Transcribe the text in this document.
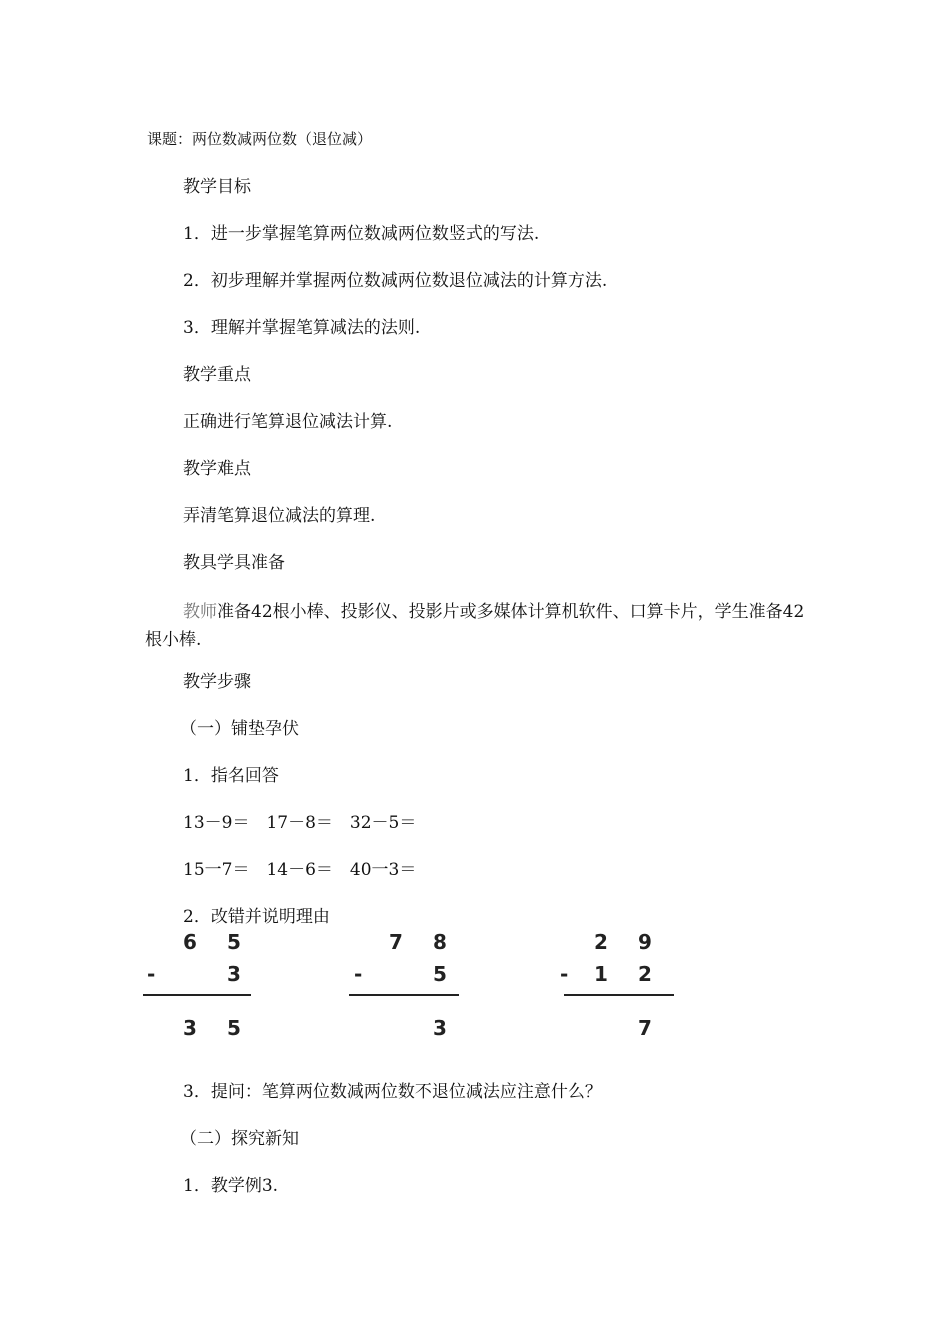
课题：两位数减两位数（退位减）

教学目标

1．进一步掌握笔算两位数减两位数竖式的写法.

2．初步理解并掌握两位数减两位数退位减法的计算方法.

3．理解并掌握笔算减法的法则.

教学重点

正确进行笔算退位减法计算.

教学难点

弄清笔算退位减法的算理.

教具学具准备

教师准备42根小棒、投影仪、投影片或多媒体计算机软件、口算卡片，学生准备42根小棒.

教学步骤

（一）铺垫孕伏

1．指名回答

13－9＝　17－8＝　32－5＝

15一7＝　14－6＝　40一3＝

2．改错并说明理由

6 5
-	3
3 5
7 8
-	5
3
2 9
- 1 2
7

3．提问：笔算两位数减两位数不退位减法应注意什么？

（二）探究新知

1．教学例3.
